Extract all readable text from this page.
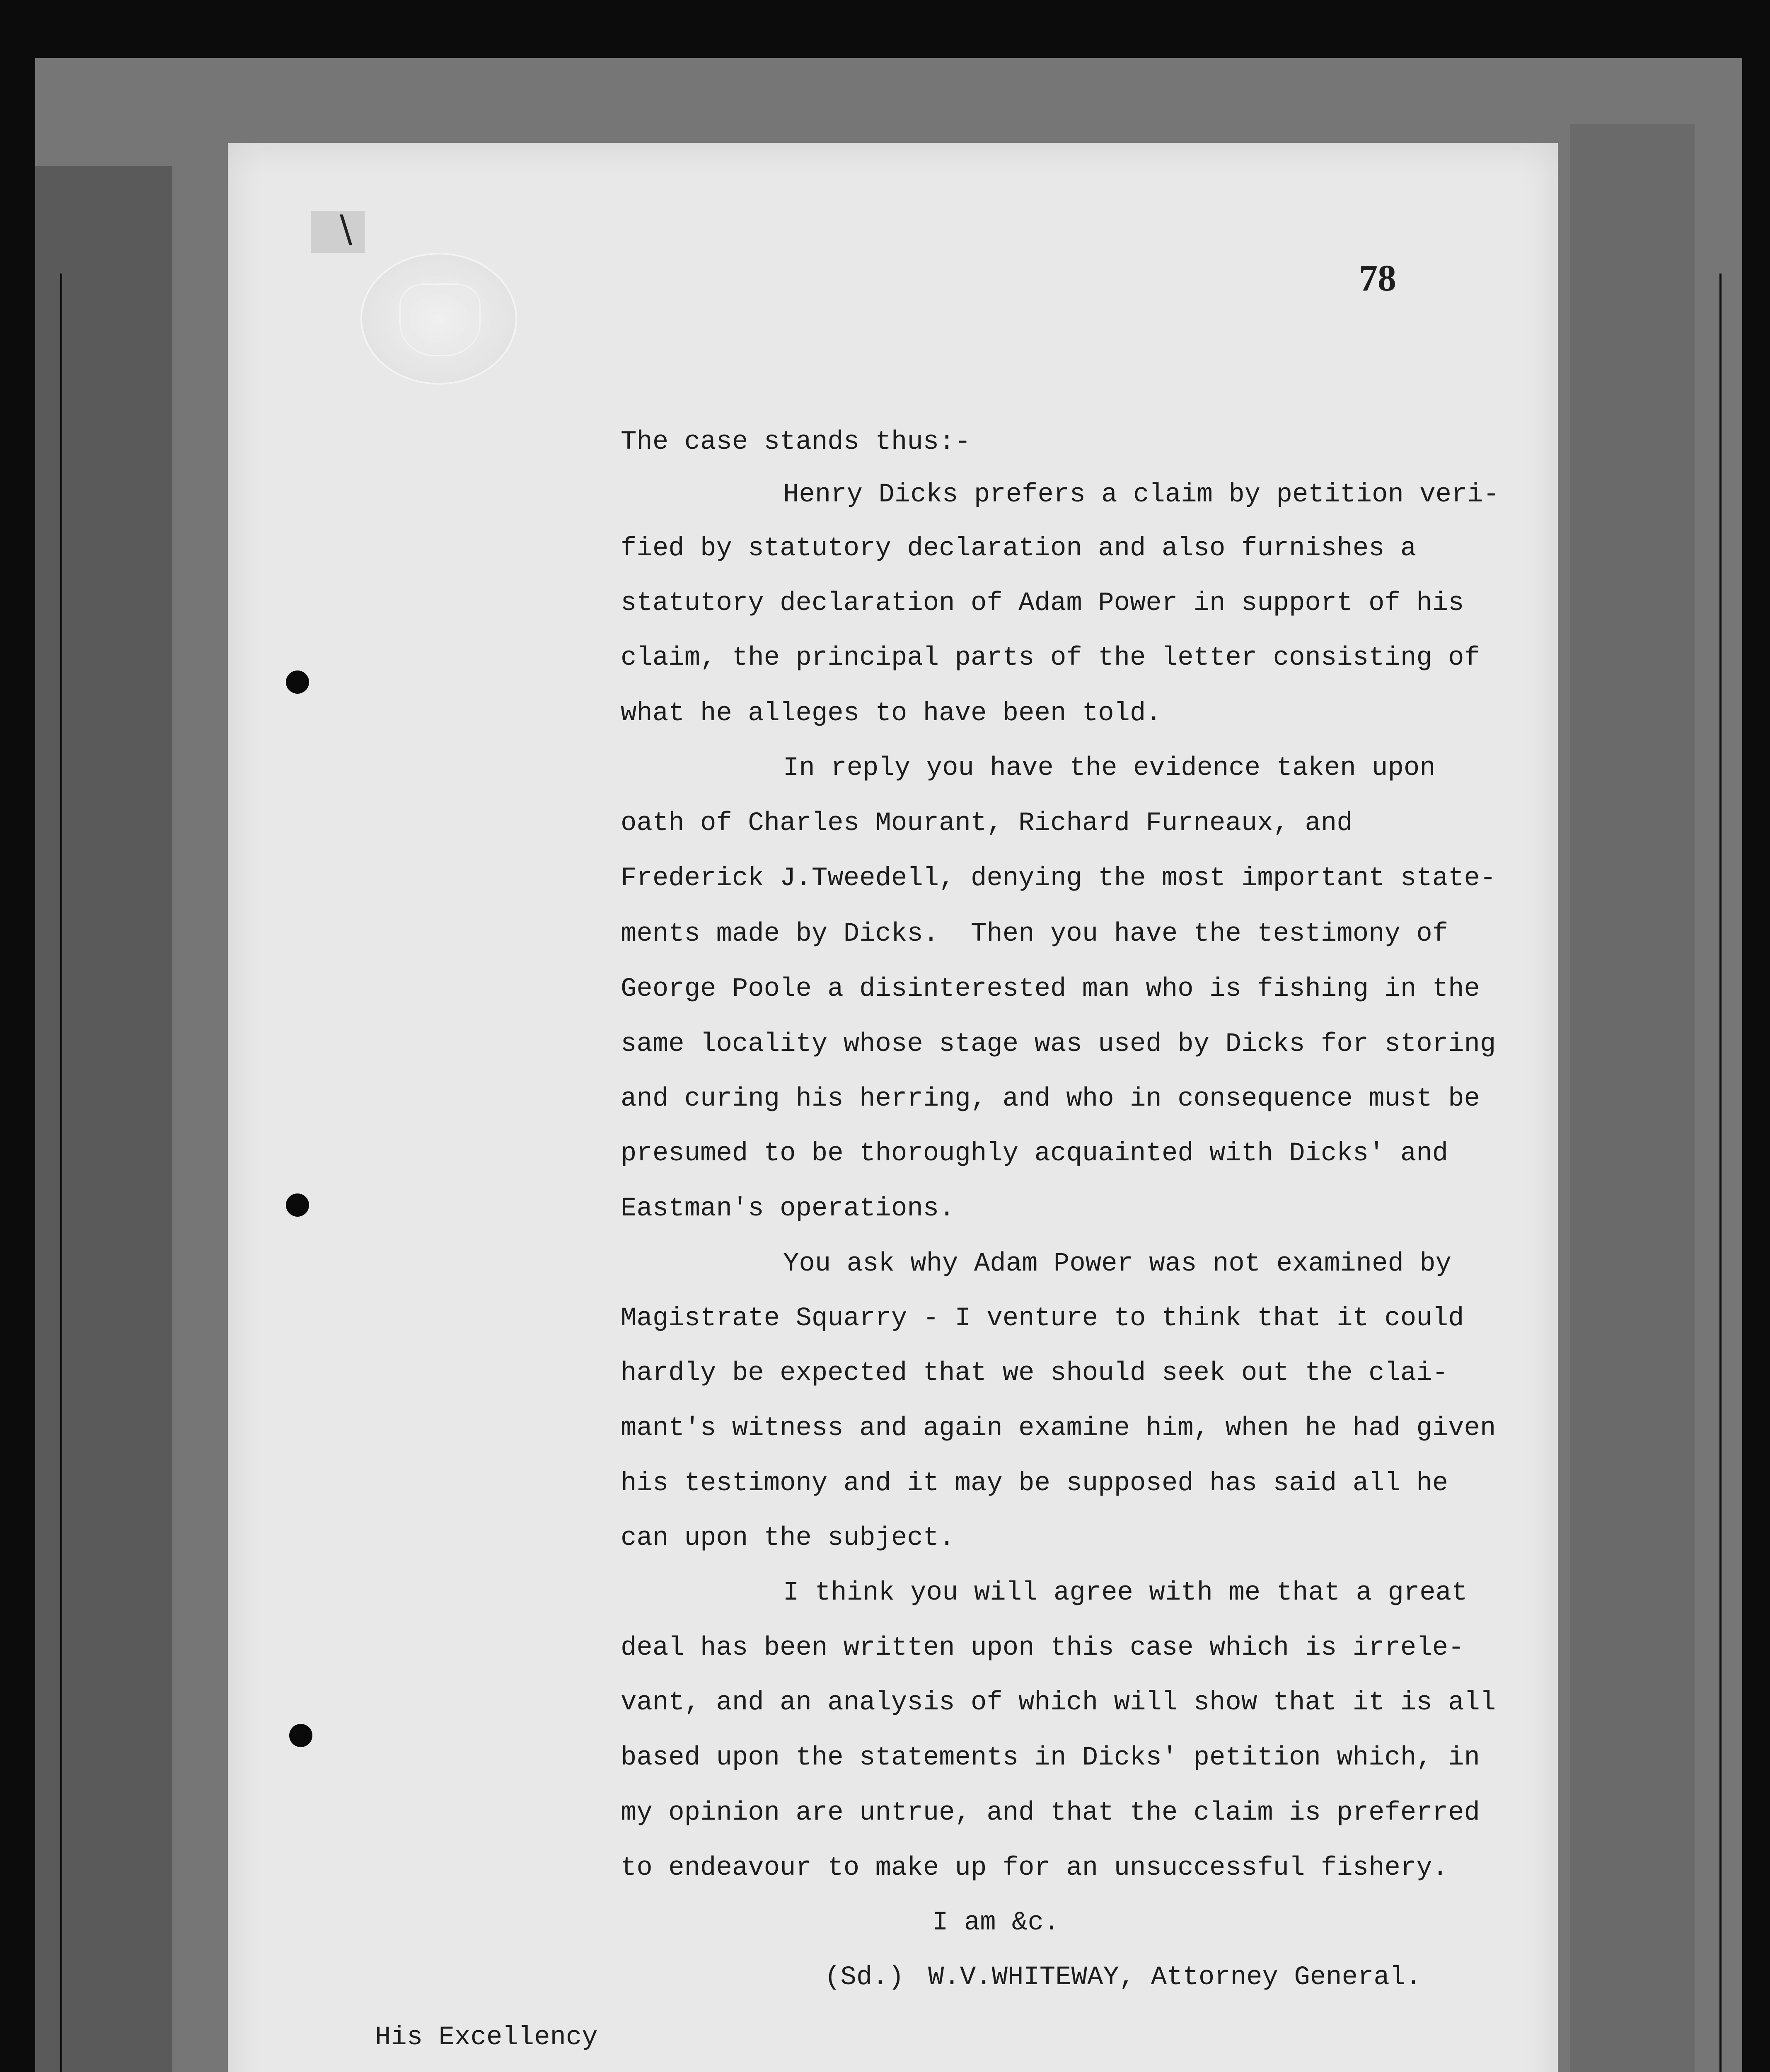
\
78
The case stands thus:-
Henry Dicks prefers a claim by petition veri-
fied by statutory declaration and also furnishes a
statutory declaration of Adam Power in support of his
claim, the principal parts of the letter consisting of
what he alleges to have been told.
In reply you have the evidence taken upon
oath of Charles Mourant, Richard Furneaux, and
Frederick J.Tweedell, denying the most important state-
ments made by Dicks.  Then you have the testimony of
George Poole a disinterested man who is fishing in the
same locality whose stage was used by Dicks for storing
and curing his herring, and who in consequence must be
presumed to be thoroughly acquainted with Dicks' and
Eastman's operations.
You ask why Adam Power was not examined by
Magistrate Squarry - I venture to think that it could
hardly be expected that we should seek out the clai-
mant's witness and again examine him, when he had given
his testimony and it may be supposed has said all he
can upon the subject.
I think you will agree with me that a great
deal has been written upon this case which is irrele-
vant, and an analysis of which will show that it is all
based upon the statements in Dicks' petition which, in
my opinion are untrue, and that the claim is preferred
to endeavour to make up for an unsuccessful fishery.
I am &c.
(Sd.) W.V.WHITEWAY, Attorney General.
His Excellency
